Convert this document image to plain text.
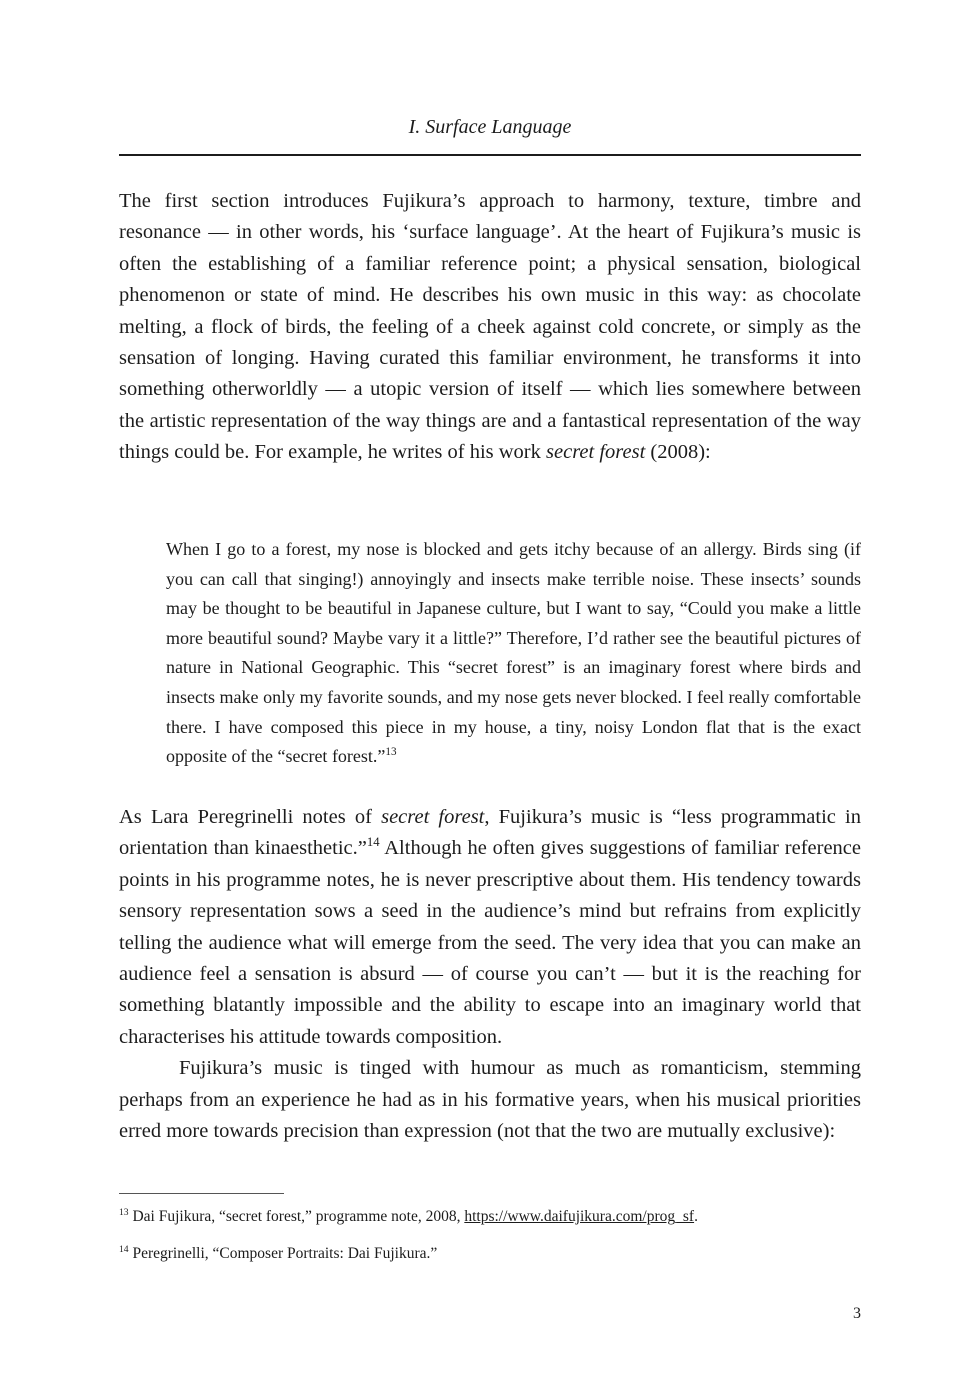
I. Surface Language

The first section introduces Fujikura’s approach to harmony, texture, timbre and resonance — in other words, his ‘surface language’. At the heart of Fujikura’s music is often the establishing of a familiar reference point; a physical sensation, biological phenomenon or state of mind. He describes his own music in this way: as chocolate melting, a flock of birds, the feeling of a cheek against cold concrete, or simply as the sensation of longing. Having curated this familiar environment, he transforms it into something otherworldly — a utopic version of itself — which lies somewhere between the artistic representation of the way things are and a fantastical representation of the way things could be. For example, he writes of his work secret forest (2008):

When I go to a forest, my nose is blocked and gets itchy because of an allergy. Birds sing (if you can call that singing!) annoyingly and insects make terrible noise. These insects’ sounds may be thought to be beautiful in Japanese culture, but I want to say, “Could you make a little more beautiful sound? Maybe vary it a little?” Therefore, I’d rather see the beautiful pictures of nature in National Geographic. This “secret forest” is an imaginary forest where birds and insects make only my favorite sounds, and my nose gets never blocked. I feel really comfortable there. I have composed this piece in my house, a tiny, noisy London flat that is the exact opposite of the “secret forest.”$^{13}$

As Lara Peregrinelli notes of secret forest, Fujikura’s music is “less programmatic in orientation than kinaesthetic.”$^{14}$ Although he often gives suggestions of familiar reference points in his programme notes, he is never prescriptive about them. His tendency towards sensory representation sows a seed in the audience’s mind but refrains from explicitly telling the audience what will emerge from the seed. The very idea that you can make an audience feel a sensation is absurd — of course you can’t — but it is the reaching for something blatantly impossible and the ability to escape into an imaginary world that characterises his attitude towards composition.

Fujikura’s music is tinged with humour as much as romanticism, stemming perhaps from an experience he had as in his formative years, when his musical priorities erred more towards precision than expression (not that the two are mutually exclusive):

$^{13}$ Dai Fujikura, “secret forest,” programme note, 2008, https://www.daifujikura.com/prog_sf.
$^{14}$ Peregrinelli, “Composer Portraits: Dai Fujikura.”
3
